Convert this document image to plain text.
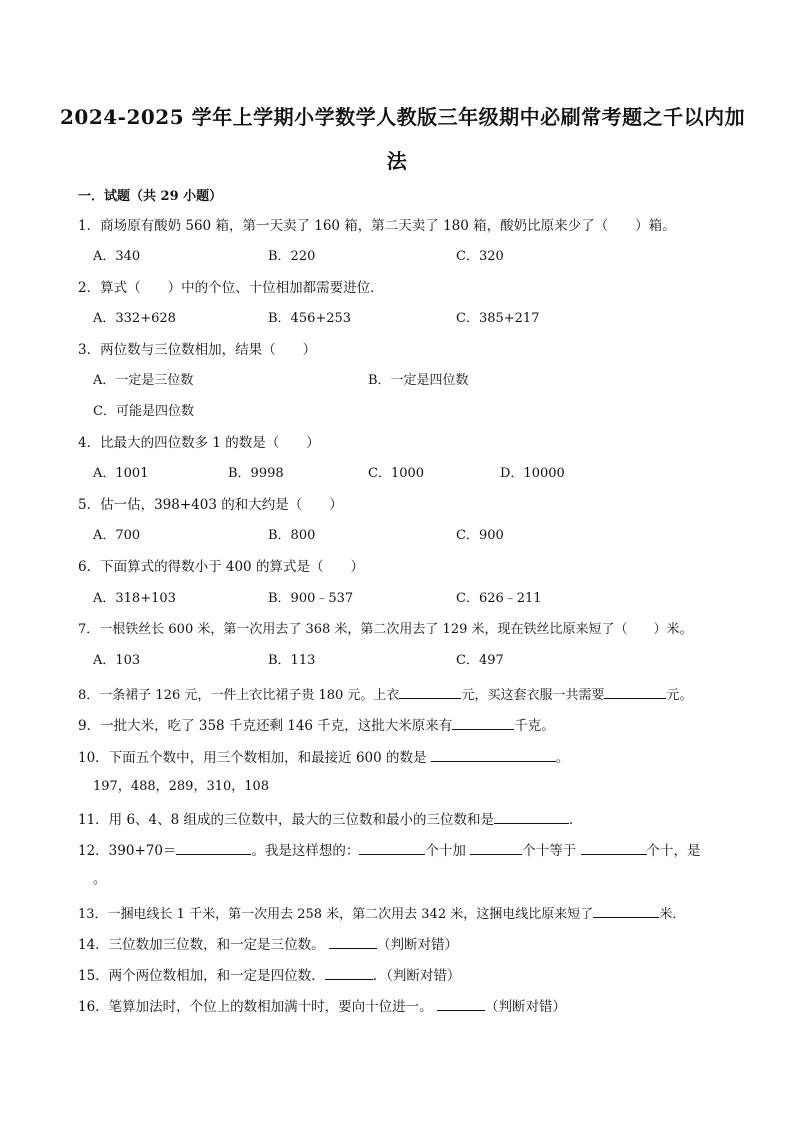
2024-2025 学年上学期小学数学人教版三年级期中必刷常考题之千以内加
法
一．试题（共 29 小题）
1．商场原有酸奶 560 箱，第一天卖了 160 箱，第二天卖了 180 箱，酸奶比原来少了（　　）箱。
A．340	B．220	C．320
2．算式（　　）中的个位、十位相加都需要进位．
A．332+628	B．456+253	C．385+217
3．两位数与三位数相加，结果（　　）
A．一定是三位数	B．一定是四位数
C．可能是四位数
4．比最大的四位数多 1 的数是（　　）
A．1001	B．9998	C．1000	D．10000
5．估一估，398+403 的和大约是（　　）
A．700	B．800	C．900
6．下面算式的得数小于 400 的算式是（　　）
A．318+103	B．900﹣537	C．626﹣211
7．一根铁丝长 600 米，第一次用去了 368 米，第二次用去了 129 米，现在铁丝比原来短了（　　）米。
A．103	B．113	C．497
8．一条裙子 126 元，一件上衣比裙子贵 180 元。上衣	元，买这套衣服一共需要	元。
9．一批大米，吃了 358 千克还剩 146 千克，这批大米原来有	千克。
10．下面五个数中，用三个数相加，和最接近 600 的数是	。
197，488，289，310，108
11．用 6、4、8 组成的三位数中，最大的三位数和最小的三位数和是	．
12．390+70＝	。我是这样想的：	个十加	个十等于	个十，是
。
13．一捆电线长 1 千米，第一次用去 258 米，第二次用去 342 米，这捆电线比原来短了	米．
14．三位数加三位数，和一定是三位数。	（判断对错）
15．两个两位数相加，和一定是四位数．	．（判断对错）
16．笔算加法时，个位上的数相加满十时，要向十位进一。	（判断对错）
